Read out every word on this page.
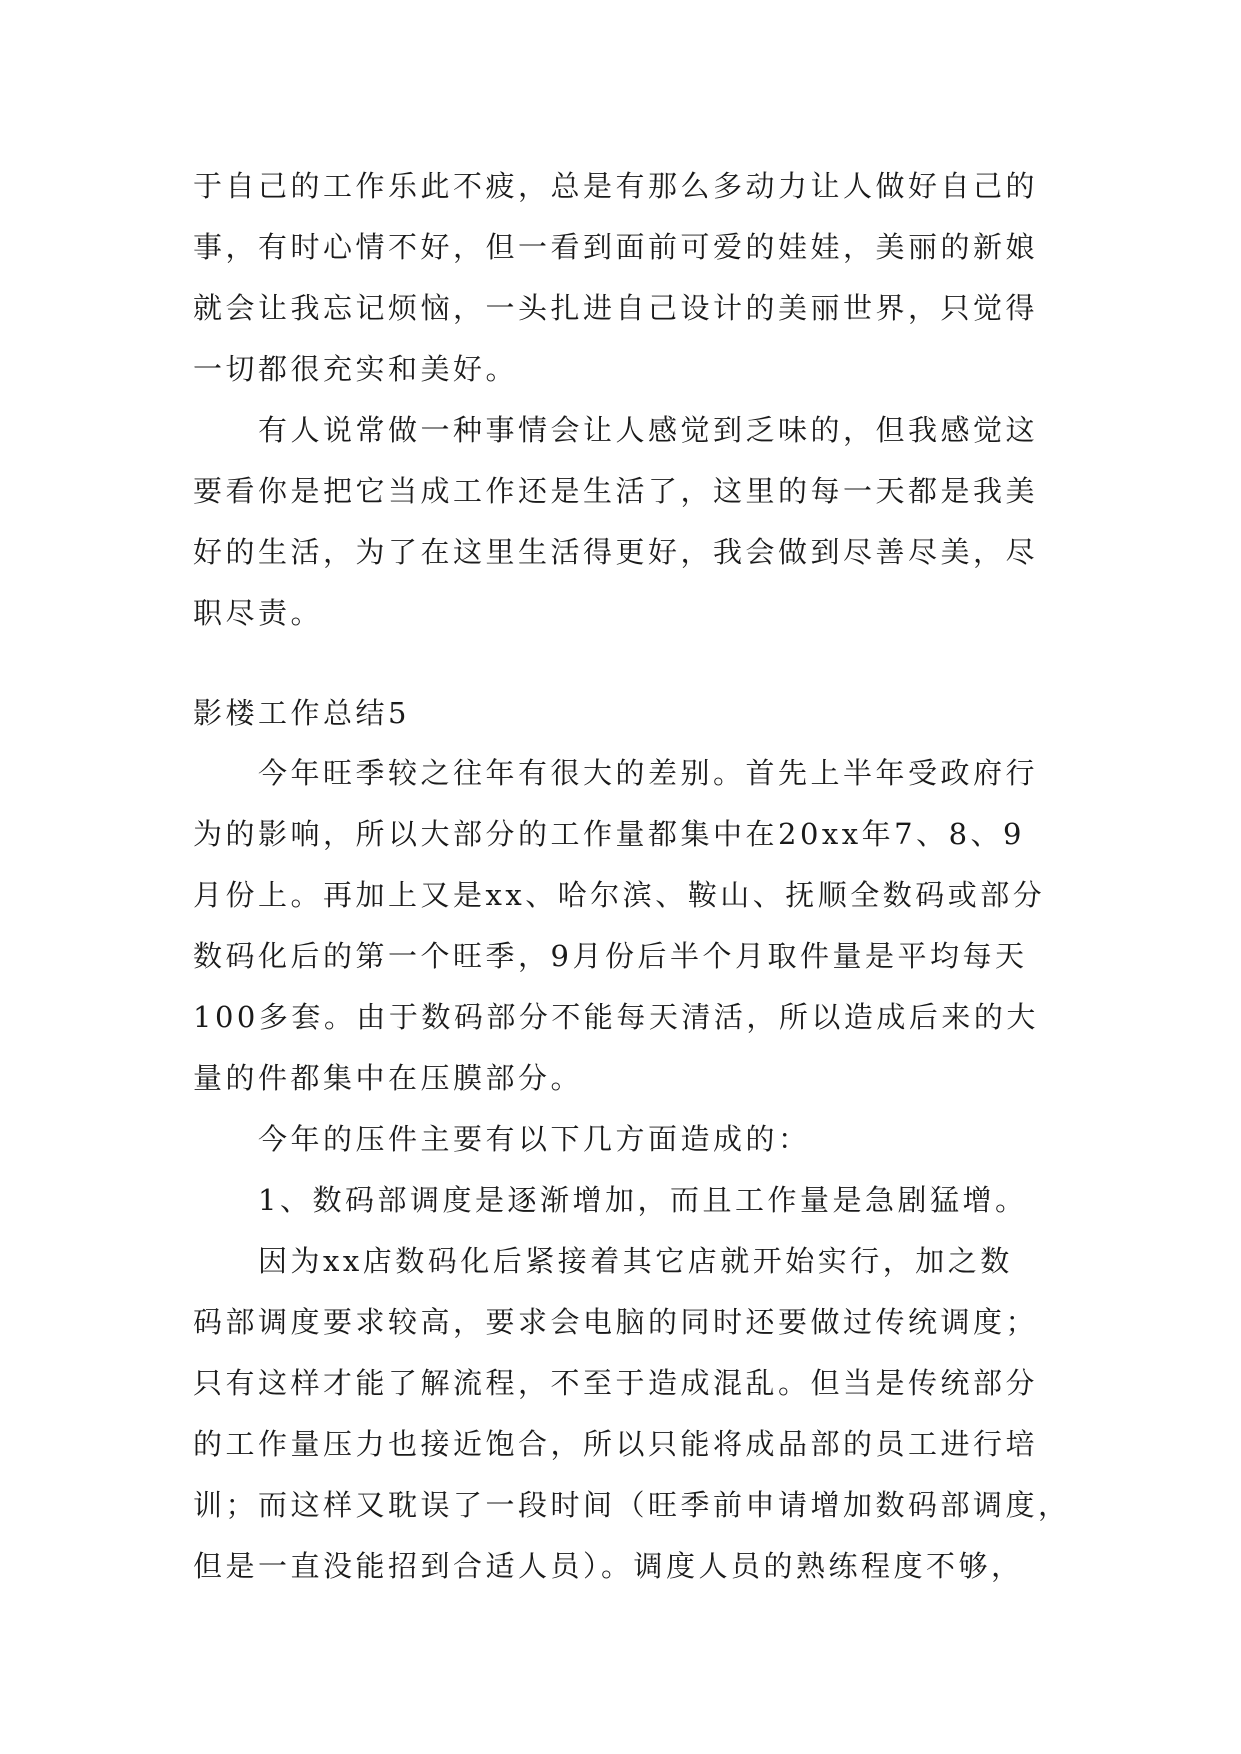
于自己的工作乐此不疲，总是有那么多动力让人做好自己的
事，有时心情不好，但一看到面前可爱的娃娃，美丽的新娘
就会让我忘记烦恼，一头扎进自己设计的美丽世界，只觉得
一切都很充实和美好。
有人说常做一种事情会让人感觉到乏味的，但我感觉这
要看你是把它当成工作还是生活了，这里的每一天都是我美
好的生活，为了在这里生活得更好，我会做到尽善尽美，尽
职尽责。
影楼工作总结5
今年旺季较之往年有很大的差别。首先上半年受政府行
为的影响，所以大部分的工作量都集中在20xx年7、8、9
月份上。再加上又是xx、哈尔滨、鞍山、抚顺全数码或部分
数码化后的第一个旺季，9月份后半个月取件量是平均每天
100多套。由于数码部分不能每天清活，所以造成后来的大
量的件都集中在压膜部分。
今年的压件主要有以下几方面造成的：
1、数码部调度是逐渐增加，而且工作量是急剧猛增。
因为xx店数码化后紧接着其它店就开始实行，加之数
码部调度要求较高，要求会电脑的同时还要做过传统调度；
只有这样才能了解流程，不至于造成混乱。但当是传统部分
的工作量压力也接近饱合，所以只能将成品部的员工进行培
训；而这样又耽误了一段时间（旺季前申请增加数码部调度，
但是一直没能招到合适人员）。调度人员的熟练程度不够，
